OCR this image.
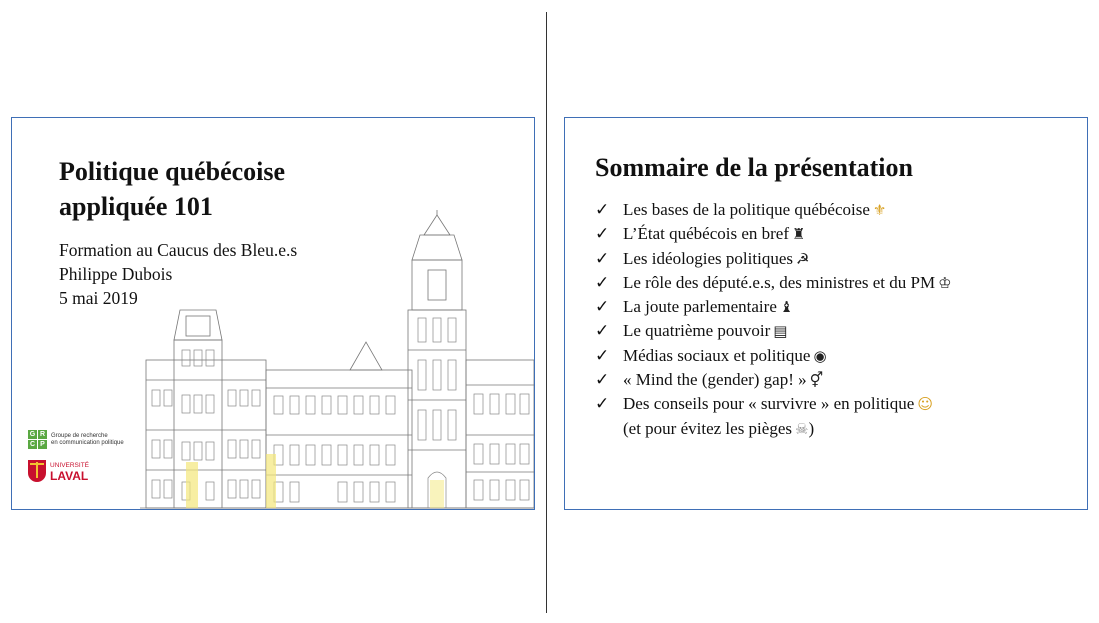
Politique québécoise
appliquée 101
Formation au Caucus des Bleu.e.s
Philippe Dubois
5 mai 2019
G R
C P
Groupe de recherche
en communication politique
UNIVERSITÉ
LAVAL
Sommaire de la présentation
✓ Les bases de la politique québécoise ⚜
✓ L’État québécois en bref ♜
✓ Les idéologies politiques ☭
✓ Le rôle des député.e.s, des ministres et du PM ♔
✓ La joute parlementaire ♝
✓ Le quatrième pouvoir ▤
✓ Médias sociaux et politique ◉
✓ « Mind the (gender) gap! » ⚥
✓ Des conseils pour « survivre » en politique ☺
(et pour évitez les pièges ☠)
